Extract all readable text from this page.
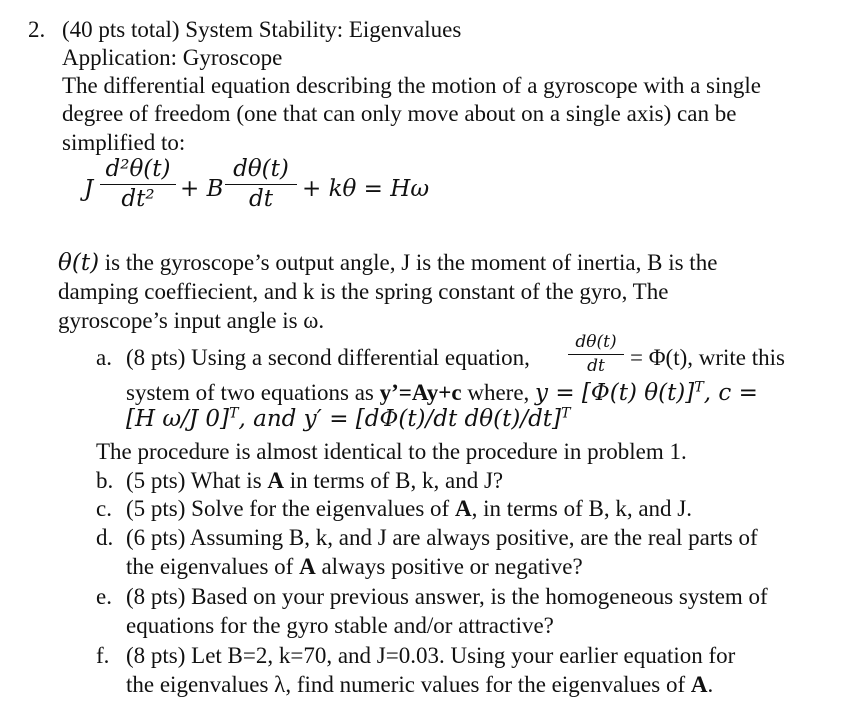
2. (40 pts total) System Stability: Eigenvalues
Application: Gyroscope
The differential equation describing the motion of a gyroscope with a single
degree of freedom (one that can only move about on a single axis) can be
simplified to:
J
d²θ(t)
dt²	+ B
dθ(t)
dt	+ kθ = Hω
θ(t) is the gyroscope’s output angle, J is the moment of inertia, B is the
damping coeffiecient, and k is the spring constant of the gyro, The
gyroscope’s input angle is ω.
a. (8 pts) Using a second differential equation,
dθ(t)
dt	= Φ(t), write this
system of two equations as y’=Ay+c where, y = [Φ(t) θ(t)]$^T$, c =
[H ω/J 0]$^T$, and y′ = [dΦ(t)/dt dθ(t)/dt]$^T$
The procedure is almost identical to the procedure in problem 1.
b. (5 pts) What is A in terms of B, k, and J?
c. (5 pts) Solve for the eigenvalues of A, in terms of B, k, and J.
d. (6 pts) Assuming B, k, and J are always positive, are the real parts of
the eigenvalues of A always positive or negative?
e. (8 pts) Based on your previous answer, is the homogeneous system of
equations for the gyro stable and/or attractive?
f. (8 pts) Let B=2, k=70, and J=0.03. Using your earlier equation for
the eigenvalues λ, find numeric values for the eigenvalues of A.
